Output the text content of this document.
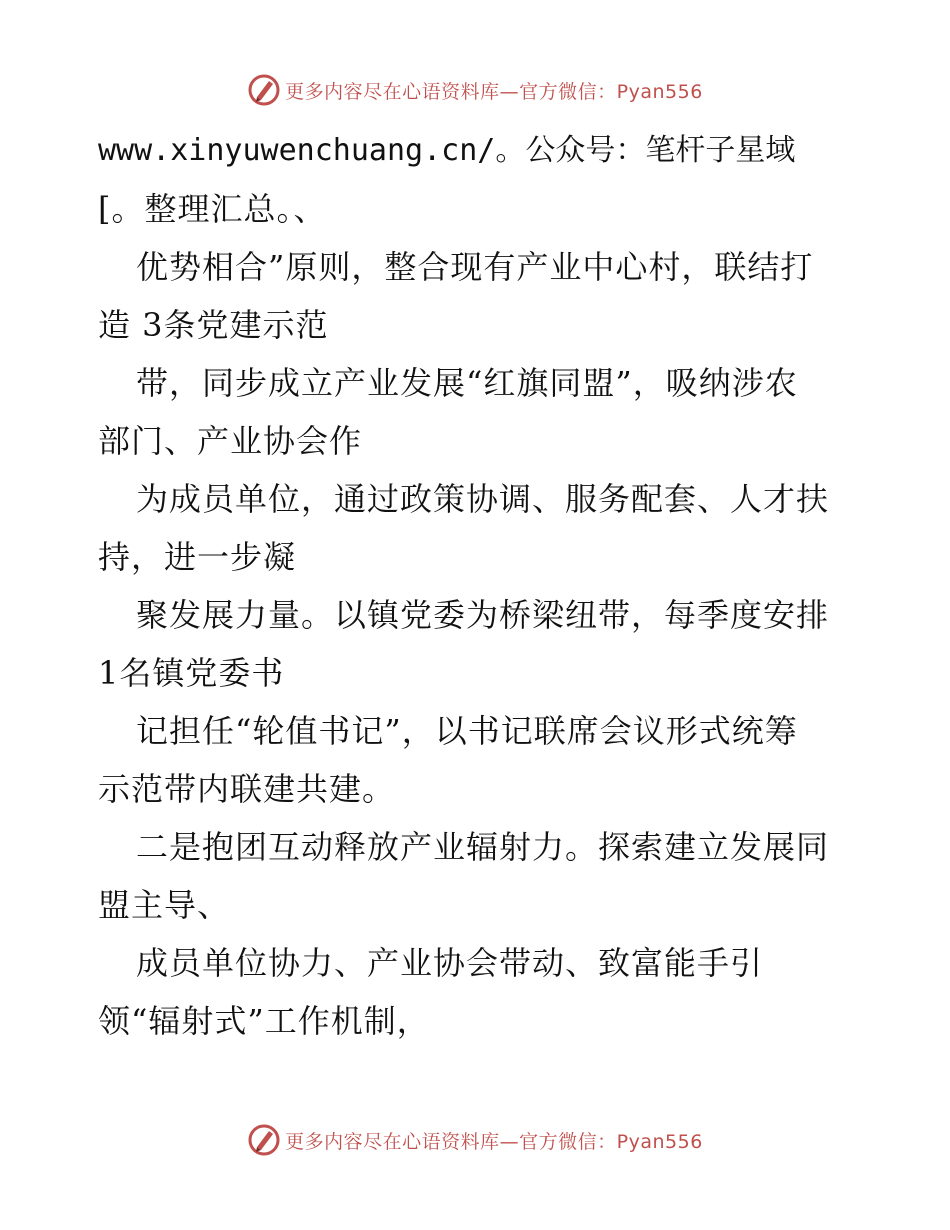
更多内容尽在心语资料库—官方微信：Pyan556
www.xinyuwenchuang.cn/。公众号：笔杆子星域
[。整理汇总。、
优势相合”原则，整合现有产业中心村，联结打
造 3条党建示范
带，同步成立产业发展“红旗同盟”，吸纳涉农
部门、产业协会作
为成员单位，通过政策协调、服务配套、人才扶
持，进一步凝
聚发展力量。以镇党委为桥梁纽带，每季度安排
1名镇党委书
记担任“轮值书记”，以书记联席会议形式统筹
示范带内联建共建。
二是抱团互动释放产业辐射力。探索建立发展同
盟主导、
成员单位协力、产业协会带动、致富能手引
领“辐射式”工作机制，
更多内容尽在心语资料库—官方微信：Pyan556
